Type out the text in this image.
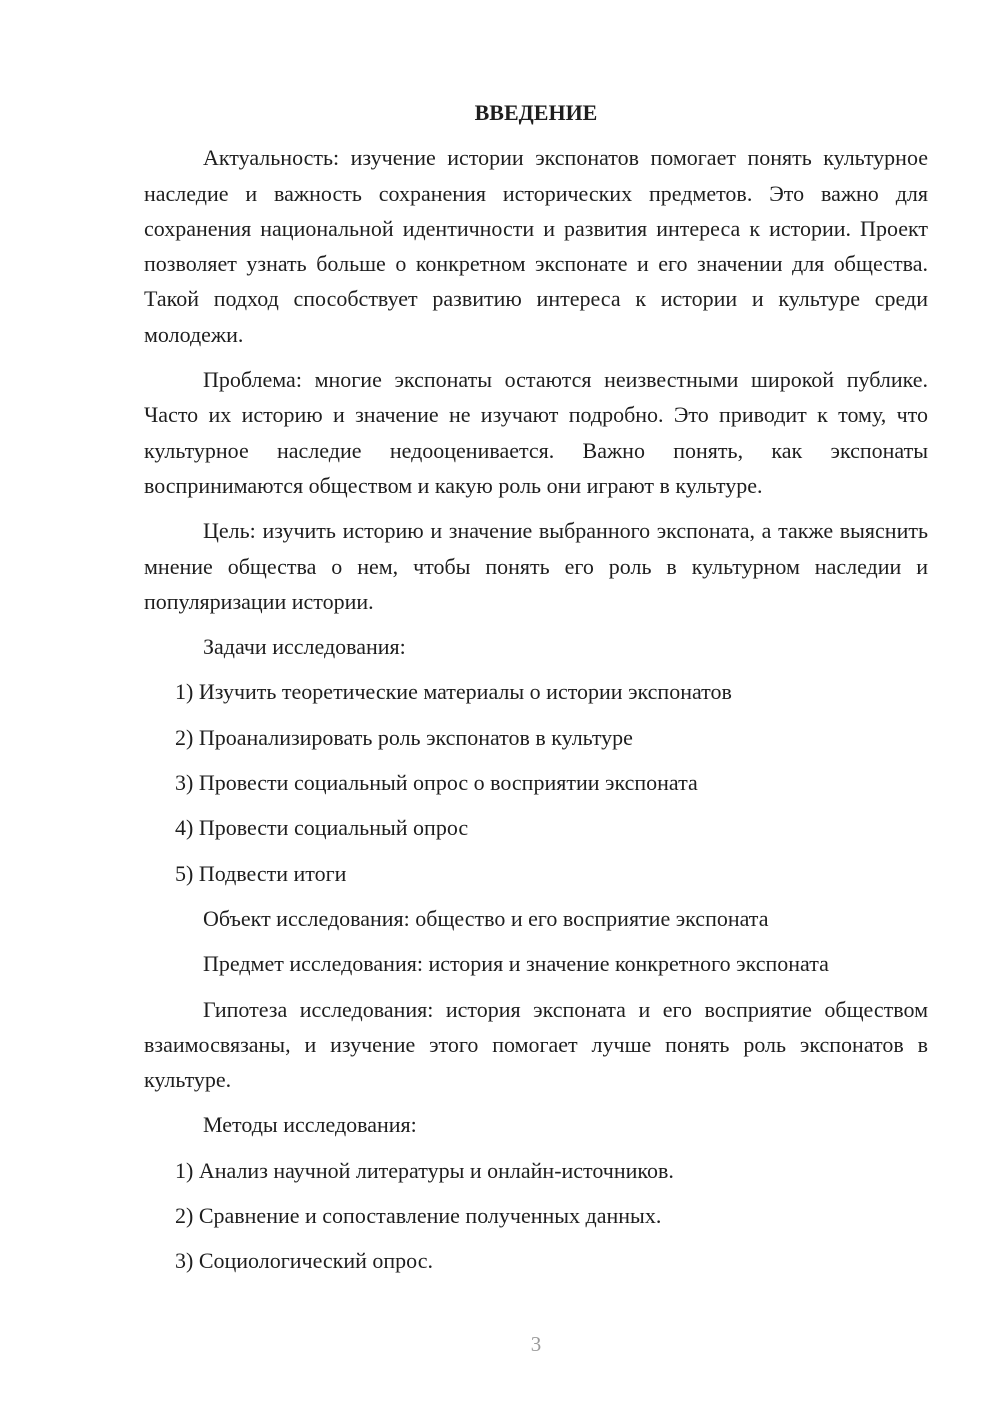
ВВЕДЕНИЕ

Актуальность: изучение истории экспонатов помогает понять культурное наследие и важность сохранения исторических предметов. Это важно для сохранения национальной идентичности и развития интереса к истории. Проект позволяет узнать больше о конкретном экспонате и его значении для общества. Такой подход способствует развитию интереса к истории и культуре среди молодежи.

Проблема: многие экспонаты остаются неизвестными широкой публике. Часто их историю и значение не изучают подробно. Это приводит к тому, что культурное наследие недооценивается. Важно понять, как экспонаты воспринимаются обществом и какую роль они играют в культуре.

Цель: изучить историю и значение выбранного экспоната, а также выяснить мнение общества о нем, чтобы понять его роль в культурном наследии и популяризации истории.

Задачи исследования:
1) Изучить теоретические материалы о истории экспонатов
2) Проанализировать роль экспонатов в культуре
3) Провести социальный опрос о восприятии экспоната
4) Провести социальный опрос
5) Подвести итоги
Объект исследования: общество и его восприятие экспоната
Предмет исследования: история и значение конкретного экспоната

Гипотеза исследования: история экспоната и его восприятие обществом взаимосвязаны, и изучение этого помогает лучше понять роль экспонатов в культуре.

Методы исследования:
1) Анализ научной литературы и онлайн-источников.
2) Сравнение и сопоставление полученных данных.
3) Социологический опрос.
3
